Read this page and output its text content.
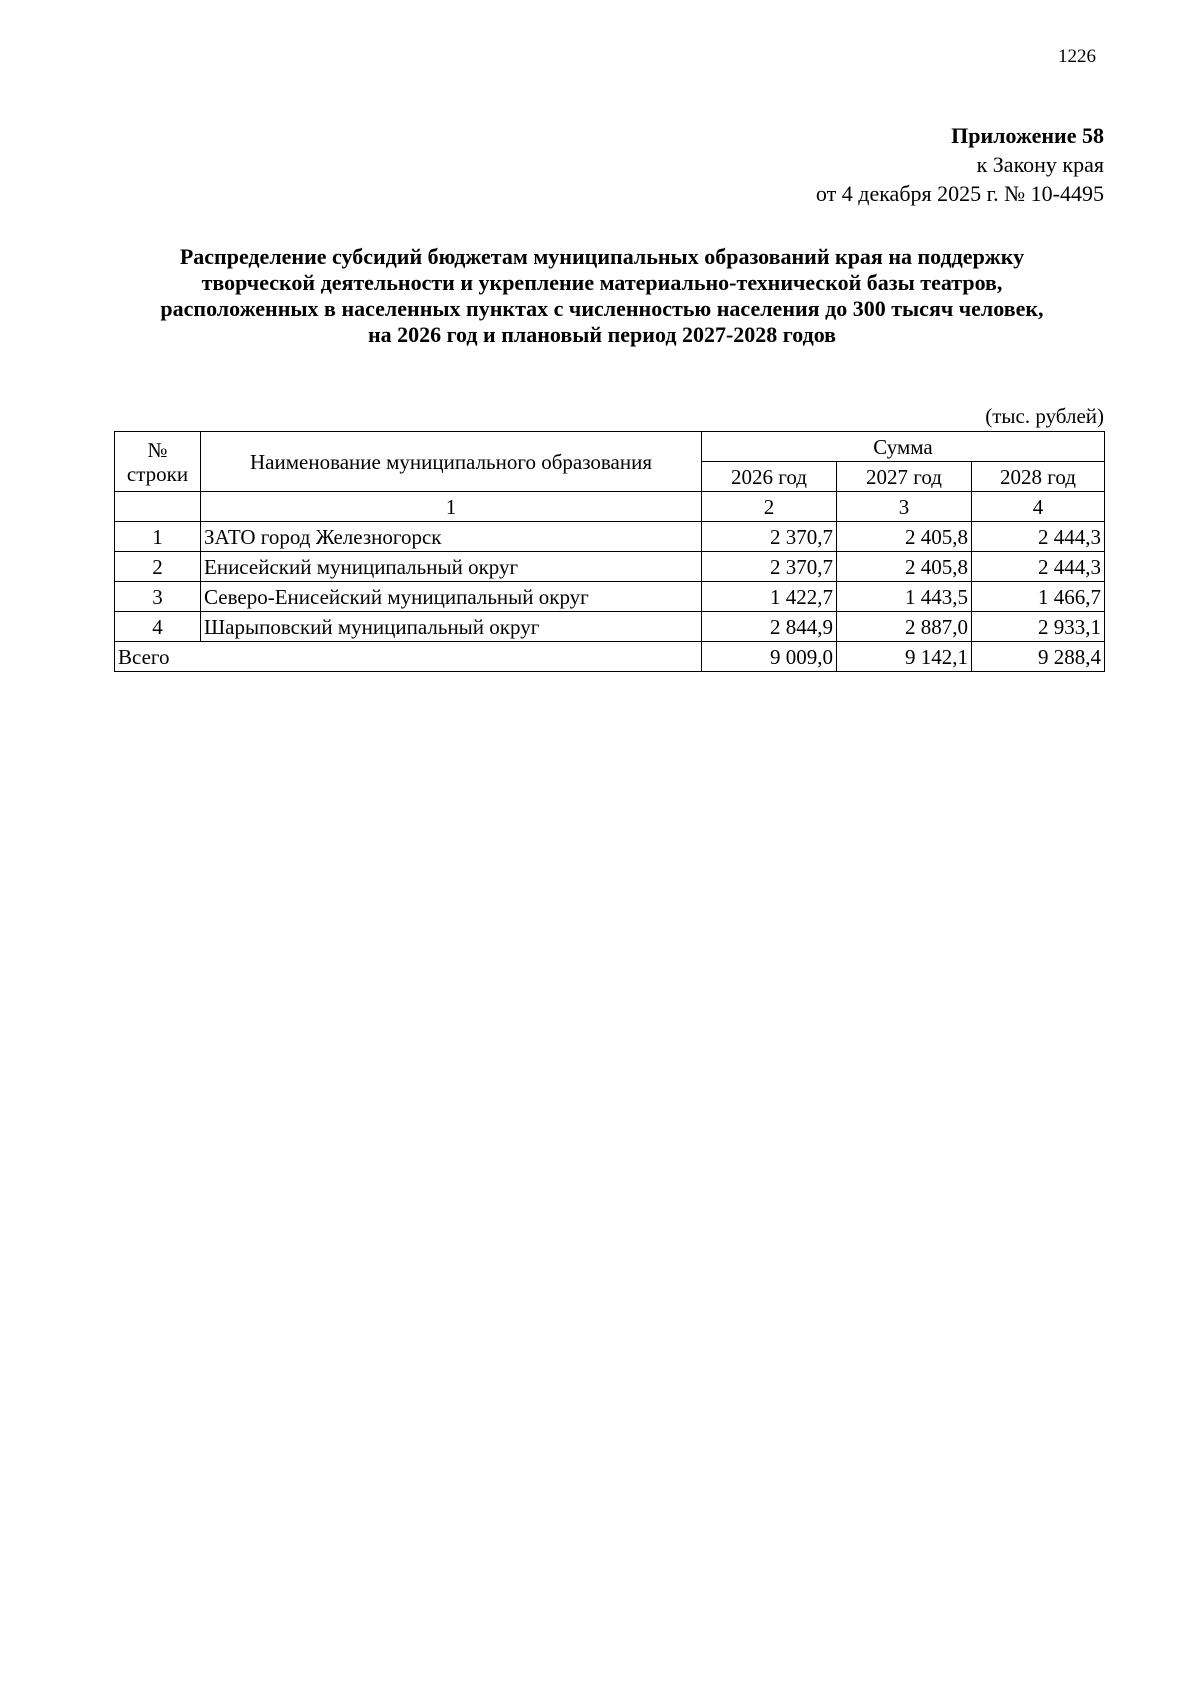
1226
Приложение 58
к Закону края
от 4 декабря 2025 г. № 10-4495
Распределение субсидий бюджетам муниципальных образований края на поддержку
творческой деятельности и укрепление материально-технической базы театров,
расположенных в населенных пунктах с численностью населения до 300 тысяч человек,
на 2026 год и плановый период 2027-2028 годов
(тыс. рублей)
№
строки	Наименование муниципального образования	Сумма		
		2026 год	2027 год	2028 год
	1	2	3	4
1	ЗАТО город Железногорск	2 370,7	2 405,8	2 444,3
2	Енисейский муниципальный округ	2 370,7	2 405,8	2 444,3
3	Северо-Енисейский муниципальный округ	1 422,7	1 443,5	1 466,7
4	Шарыповский муниципальный округ	2 844,9	2 887,0	2 933,1
Всего		9 009,0	9 142,1	9 288,4
